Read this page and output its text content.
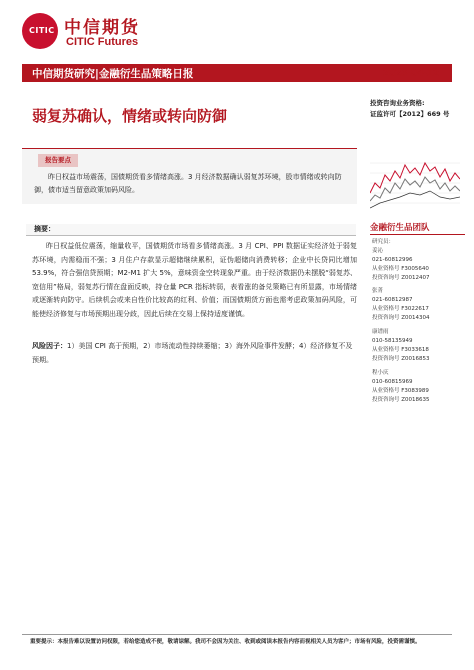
CITIC 中信期货
CITIC Futures
中信期货研究|金融衍生品策略日报	2023-04-12
弱复苏确认，情绪或转向防御
投资咨询业务资格:
证监许可【2012】669 号
报告要点
昨日权益市场震荡，国债期货看多情绪高涨。3 月经济数据确认弱复苏环境，股市情绪或转向防御，债市适当留意政策加码风险。
摘要：

昨日权益低位震荡，缩量收平，国债期货市场看多情绪高涨。3 月 CPI、PPI 数据证实经济处于弱复苏环境，内需稳而不强；3 月住户存款显示超储继续累积，证伪超储向消费转移；企业中长贷同比增加 53.9%，符合强信贷预期；M2-M1 扩大 5%，意味资金空转现象严重。由于经济数据仍未摆脱“弱复苏、宽信用”格局，弱复苏行情在盘面反映，持仓量 PCR 指标转弱，表看涨的备兑策略已有所显露，市场情绪或逐渐转向防守。后续机会或来自性价比较高的红利、价值；而国债期货方面也需考虑政策加码风险，可能使经济修复与市场预期出现分歧，因此后续在交易上保持适度谨慎。

风险因子：1）美国 CPI 高于预期，2）市场流动性持续萎缩；3）海外风险事件发酵；4）经济修复不及预期。
金融衍生品团队
研究员：
姜沁
021-60812996
从业资格号 F3005640
投资咨询号 Z0012407
张菁
021-60812987
从业资格号 F3022617
投资咨询号 Z0014304
康谱雨
010-58135949
从业资格号 F3033618
投资咨询号 Z0016853
程小庆
010-60815969
从业资格号 F3083989
投资咨询号 Z0018635
重要提示：本报告难以设置访问权限，若给您造成不便，敬请谅解。我司不会因为关注、收到或阅读本报告内容而视相关人员为客户；市场有风险，投资需谨慎。
